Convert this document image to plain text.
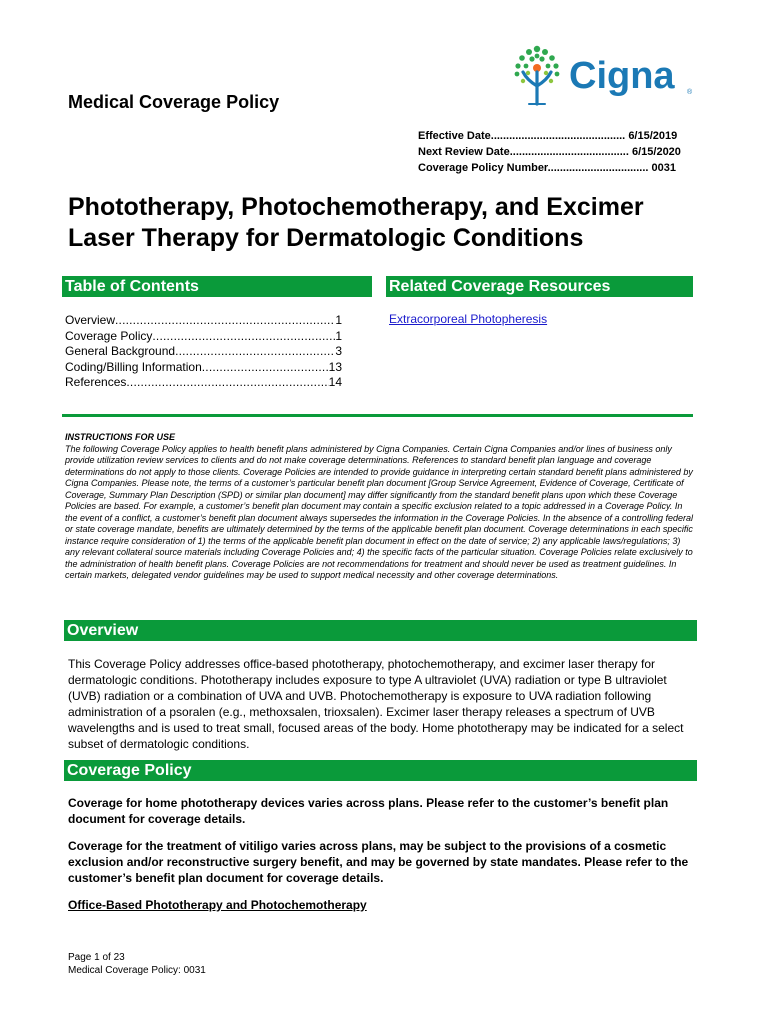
Medical Coverage Policy
Cigna ®
Effective Date............................................ 6/15/2019
Next Review Date....................................... 6/15/2020
Coverage Policy Number................................. 0031
Phototherapy, Photochemotherapy, and Excimer Laser Therapy for Dermatologic Conditions
Table of Contents	Related Coverage Resources
Overview .....	1
Coverage Policy .....	1
General Background .....	3
Coding/Billing Information .....	13
References .....	14
Extracorporeal Photopheresis
INSTRUCTIONS FOR USE
The following Coverage Policy applies to health benefit plans administered by Cigna Companies. Certain Cigna Companies and/or lines of business only provide utilization review services to clients and do not make coverage determinations. References to standard benefit plan language and coverage determinations do not apply to those clients. Coverage Policies are intended to provide guidance in interpreting certain standard benefit plans administered by Cigna Companies. Please note, the terms of a customer’s particular benefit plan document [Group Service Agreement, Evidence of Coverage, Certificate of Coverage, Summary Plan Description (SPD) or similar plan document] may differ significantly from the standard benefit plans upon which these Coverage Policies are based. For example, a customer’s benefit plan document may contain a specific exclusion related to a topic addressed in a Coverage Policy. In the event of a conflict, a customer’s benefit plan document always supersedes the information in the Coverage Policies. In the absence of a controlling federal or state coverage mandate, benefits are ultimately determined by the terms of the applicable benefit plan document. Coverage determinations in each specific instance require consideration of 1) the terms of the applicable benefit plan document in effect on the date of service; 2) any applicable laws/regulations; 3) any relevant collateral source materials including Coverage Policies and; 4) the specific facts of the particular situation. Coverage Policies relate exclusively to the administration of health benefit plans. Coverage Policies are not recommendations for treatment and should never be used as treatment guidelines. In certain markets, delegated vendor guidelines may be used to support medical necessity and other coverage determinations.
Overview
This Coverage Policy addresses office-based phototherapy, photochemotherapy, and excimer laser therapy for dermatologic conditions. Phototherapy includes exposure to type A ultraviolet (UVA) radiation or type B ultraviolet (UVB) radiation or a combination of UVA and UVB. Photochemotherapy is exposure to UVA radiation following administration of a psoralen (e.g., methoxsalen, trioxsalen). Excimer laser therapy releases a spectrum of UVB wavelengths and is used to treat small, focused areas of the body. Home phototherapy may be indicated for a select subset of dermatologic conditions.
Coverage Policy
Coverage for home phototherapy devices varies across plans. Please refer to the customer’s benefit plan document for coverage details.
Coverage for the treatment of vitiligo varies across plans, may be subject to the provisions of a cosmetic exclusion and/or reconstructive surgery benefit, and may be governed by state mandates. Please refer to the customer’s benefit plan document for coverage details.
Office-Based Phototherapy and Photochemotherapy
Page 1 of 23
Medical Coverage Policy: 0031
